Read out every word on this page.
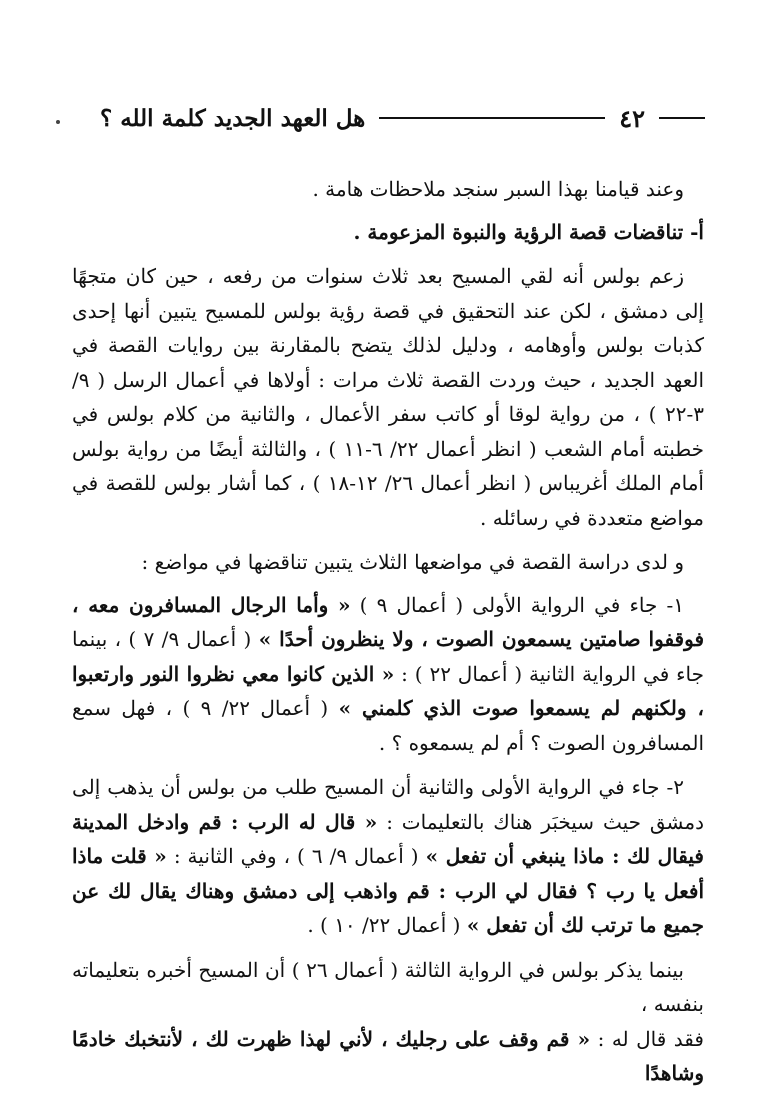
٤٢
هل العهد الجديد كلمة الله ؟

وعند قيامنا بهذا السبر سنجد ملاحظات هامة .

أ- تناقضات قصة الرؤية والنبوة المزعومة .

زعم بولس أنه لقي المسيح بعد ثلاث سنوات من رفعه ، حين كان متجهًا إلى دمشق ، لكن عند التحقيق في قصة رؤية بولس للمسيح يتبين أنها إحدى كذبات بولس وأوهامه ، ودليل لذلك يتضح بالمقارنة بين روايات القصة في العهد الجديد ، حيث وردت القصة ثلاث مرات : أولاها في أعمال الرسل ( ٩/ ٣-٢٢ ) ، من رواية لوقا أو كاتب سفر الأعمال ، والثانية من كلام بولس في خطبته أمام الشعب ( انظر أعمال ٢٢/ ٦-١١ ) ، والثالثة أيضًا من رواية بولس أمام الملك أغريباس ( انظر أعمال ٢٦/ ١٢-١٨ ) ، كما أشار بولس للقصة في مواضع متعددة في رسائله .

و لدى دراسة القصة في مواضعها الثلاث يتبين تناقضها في مواضع :

١- جاء في الرواية الأولى ( أعمال ٩ ) « وأما الرجال المسافرون معه ، فوقفوا صامتين يسمعون الصوت ، ولا ينظرون أحدًا » ( أعمال ٩/ ٧ ) ، بينما جاء في الرواية الثانية ( أعمال ٢٢ ) : « الذين كانوا معي نظروا النور وارتعبوا ، ولكنهم لم يسمعوا صوت الذي كلمني » ( أعمال ٢٢/ ٩ ) ، فهل سمع المسافرون الصوت ؟ أم لم يسمعوه ؟ .

٢- جاء في الرواية الأولى والثانية أن المسيح طلب من بولس أن يذهب إلى دمشق حيث سيخبَر هناك بالتعليمات : « قال له الرب : قم وادخل المدينة فيقال لك : ماذا ينبغي أن تفعل » ( أعمال ٩/ ٦ ) ، وفي الثانية : « قلت ماذا أفعل يا رب ؟ فقال لي الرب : قم واذهب إلى دمشق وهناك يقال لك عن جميع ما ترتب لك أن تفعل » ( أعمال ٢٢/ ١٠ ) .

بينما يذكر بولس في الرواية الثالثة ( أعمال ٢٦ ) أن المسيح أخبره بتعليماته بنفسه ،
فقد قال له : « قم وقف على رجليك ، لأني لهذا ظهرت لك ، لأنتخبك خادمًا وشاهدًا
